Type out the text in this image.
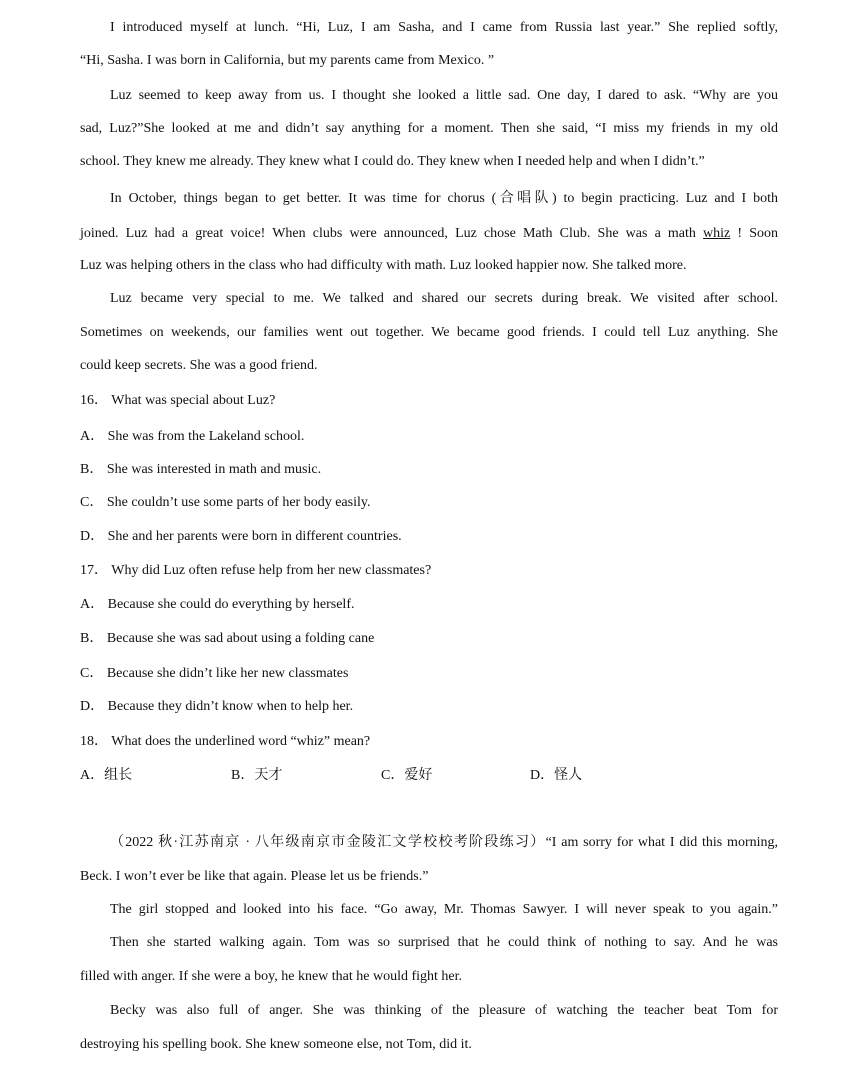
I introduced myself at lunch. “Hi, Luz, I am Sasha, and I came from Russia last year.” She replied softly,
“Hi, Sasha. I was born in California, but my parents came from Mexico. ”
Luz seemed to keep away from us. I thought she looked a little sad. One day, I dared to ask. “Why are you
sad, Luz?”She looked at me and didn’t say anything for a moment. Then she said, “I miss my friends in my old
school. They knew me already. They knew what I could do. They knew when I needed help and when I didn’t.”
In October, things began to get better. It was time for chorus (合唱队) to begin practicing. Luz and I both
joined. Luz had a great voice! When clubs were announced, Luz chose Math Club. She was a math whiz ! Soon
Luz was helping others in the class who had difficulty with math. Luz looked happier now. She talked more.
Luz became very special to me. We talked and shared our secrets during break. We visited after school.
Sometimes on weekends, our families went out together. We became good friends. I could tell Luz anything. She
could keep secrets. She was a good friend.
16． What was special about Luz?
A． She was from the Lakeland school.
B． She was interested in math and music.
C． She couldn’t use some parts of her body easily.
D． She and her parents were born in different countries.
17． Why did Luz often refuse help from her new classmates?
A． Because she could do everything by herself.
B． Because she was sad about using a folding cane
C． Because she didn’t like her new classmates
D． Because they didn’t know when to help her.
18． What does the underlined word “whiz” mean?
A．组长	B．天才	C．爱好	D．怪人
（2022 秋·江苏南京 · 八年级南京市金陵汇文学校校考阶段练习）“I am sorry for what I did this morning,
Beck. I won’t ever be like that again. Please let us be friends.”
The girl stopped and looked into his face. “Go away, Mr. Thomas Sawyer. I will never speak to you again.”
Then she started walking again. Tom was so surprised that he could think of nothing to say. And he was
filled with anger. If she were a boy, he knew that he would fight her.
Becky was also full of anger. She was thinking of the pleasure of watching the teacher beat Tom for
destroying his spelling book. She knew someone else, not Tom, did it.
